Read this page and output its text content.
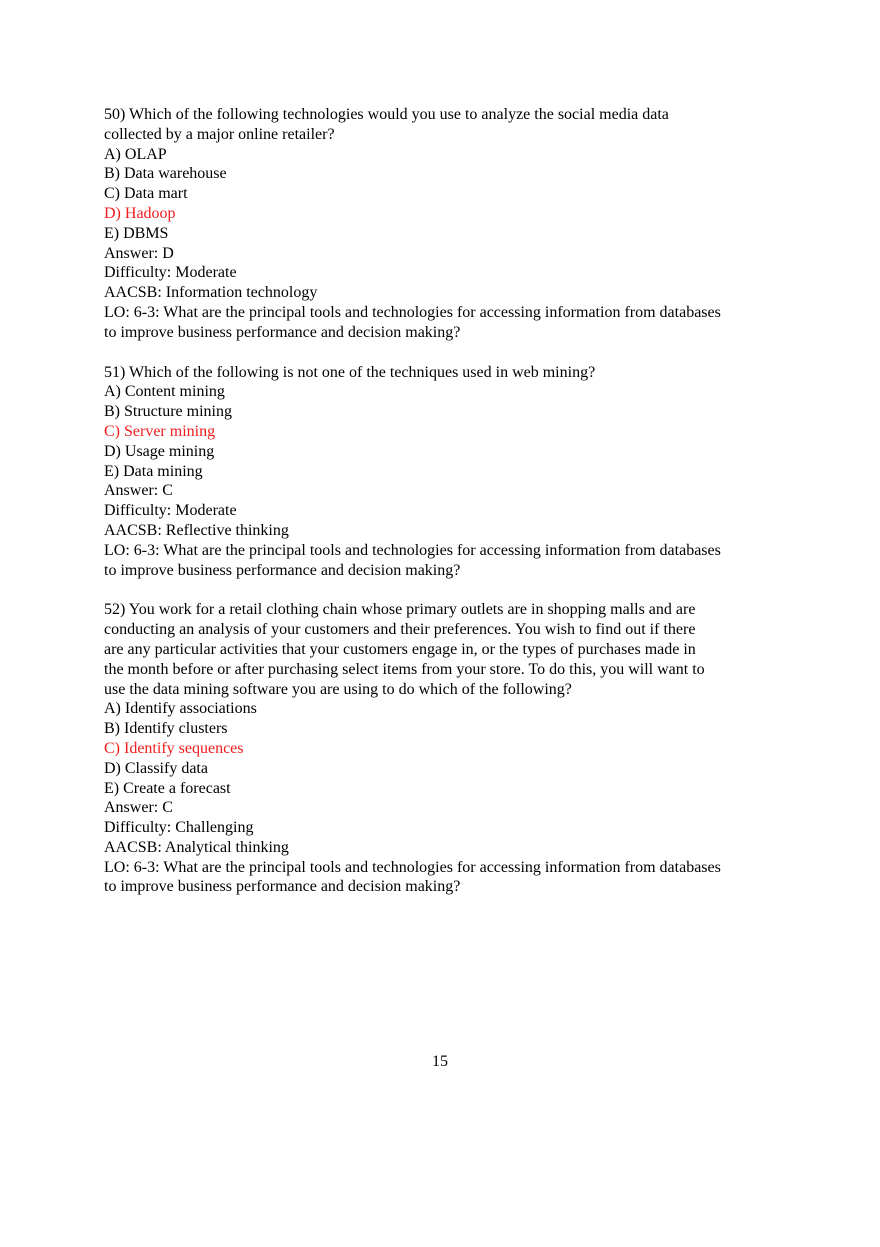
50) Which of the following technologies would you use to analyze the social media data
collected by a major online retailer?
A) OLAP
B) Data warehouse
C) Data mart
D) Hadoop
E) DBMS
Answer: D
Difficulty: Moderate
AACSB: Information technology
LO: 6-3: What are the principal tools and technologies for accessing information from databases
to improve business performance and decision making?
51) Which of the following is not one of the techniques used in web mining?
A) Content mining
B) Structure mining
C) Server mining
D) Usage mining
E) Data mining
Answer: C
Difficulty: Moderate
AACSB: Reflective thinking
LO: 6-3: What are the principal tools and technologies for accessing information from databases
to improve business performance and decision making?
52) You work for a retail clothing chain whose primary outlets are in shopping malls and are
conducting an analysis of your customers and their preferences. You wish to find out if there
are any particular activities that your customers engage in, or the types of purchases made in
the month before or after purchasing select items from your store. To do this, you will want to
use the data mining software you are using to do which of the following?
A) Identify associations
B) Identify clusters
C) Identify sequences
D) Classify data
E) Create a forecast
Answer: C
Difficulty: Challenging
AACSB: Analytical thinking
LO: 6-3: What are the principal tools and technologies for accessing information from databases
to improve business performance and decision making?
15
